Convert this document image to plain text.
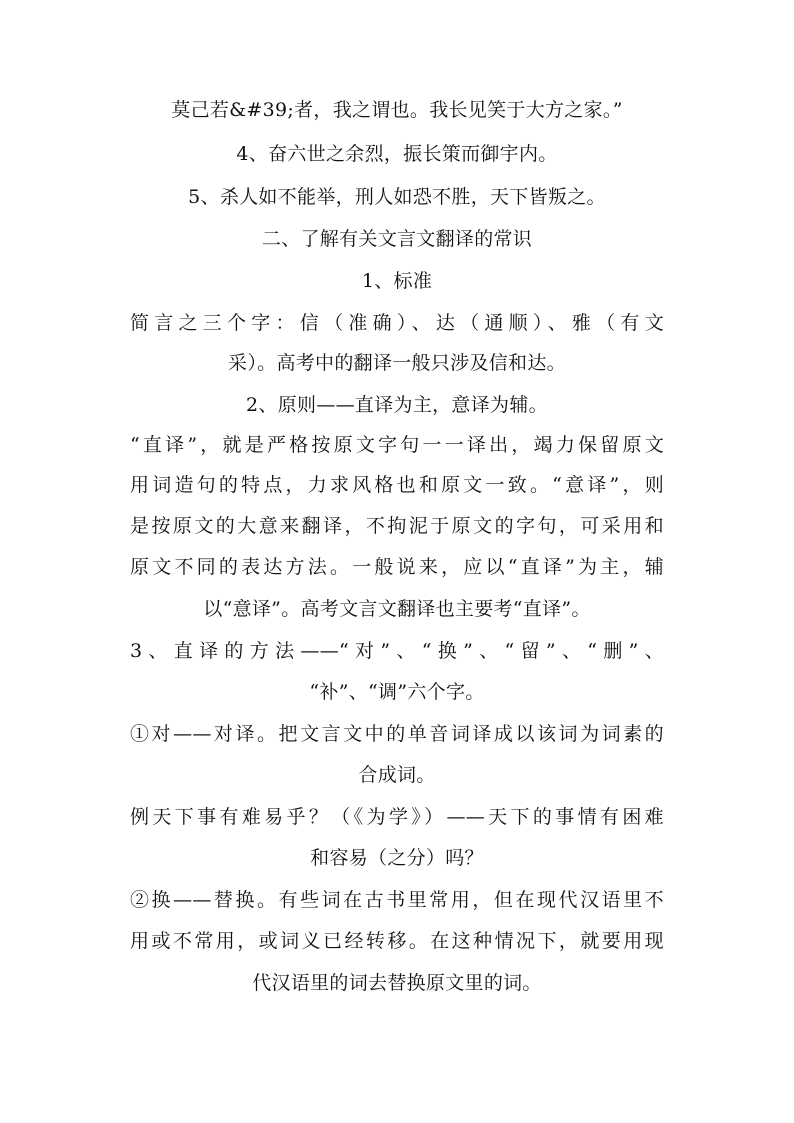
莫己若&#39;者，我之谓也。我长见笑于大方之家。”
4、奋六世之余烈，振长策而御宇内。
5、杀人如不能举，刑人如恐不胜，天下皆叛之。
二、了解有关文言文翻译的常识
1、标准
简言之三个字：信（准确）、达（通顺）、雅（有文
采）。高考中的翻译一般只涉及信和达。
2、原则——直译为主，意译为辅。
“直译”，就是严格按原文字句一一译出，竭力保留原文
用词造句的特点，力求风格也和原文一致。“意译”，则
是按原文的大意来翻译，不拘泥于原文的字句，可采用和
原文不同的表达方法。一般说来，应以“直译”为主，辅
以“意译”。高考文言文翻译也主要考“直译”。
3、直译的方法——“对”、“换”、“留”、“删”、
“补”、“调”六个字。
①对——对译。把文言文中的单音词译成以该词为词素的
合成词。
例天下事有难易乎？（《为学》）——天下的事情有困难
和容易（之分）吗？
②换——替换。有些词在古书里常用，但在现代汉语里不
用或不常用，或词义已经转移。在这种情况下，就要用现
代汉语里的词去替换原文里的词。
